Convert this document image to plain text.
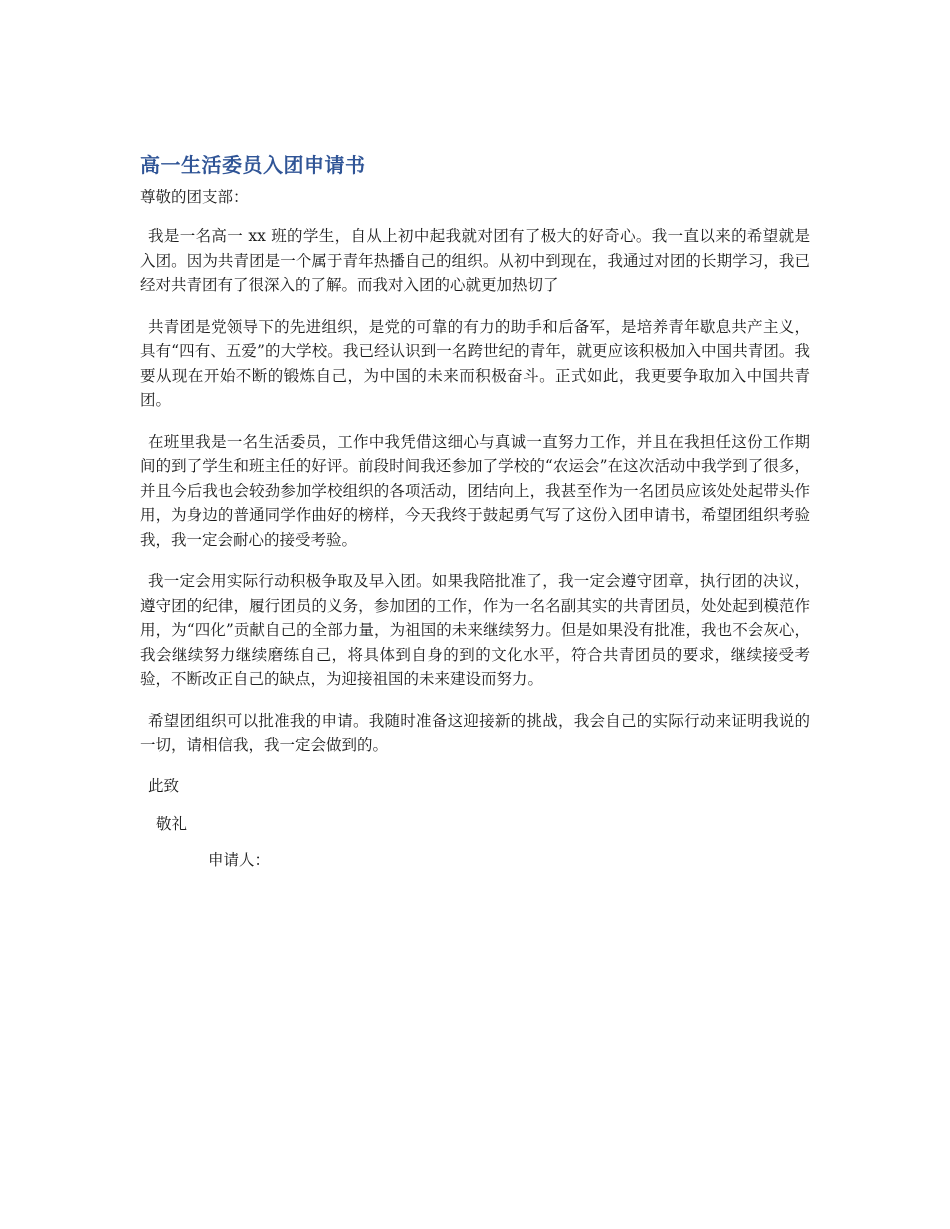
高一生活委员入团申请书

尊敬的团支部：

我是一名高一 xx 班的学生，自从上初中起我就对团有了极大的好奇心。我一直以来的希望就是入团。因为共青团是一个属于青年热播自己的组织。从初中到现在，我通过对团的长期学习，我已经对共青团有了很深入的了解。而我对入团的心就更加热切了

共青团是党领导下的先进组织，是党的可靠的有力的助手和后备军，是培养青年歇息共产主义，具有“四有、五爱”的大学校。我已经认识到一名跨世纪的青年，就更应该积极加入中国共青团。我要从现在开始不断的锻炼自己，为中国的未来而积极奋斗。正式如此，我更要争取加入中国共青团。

在班里我是一名生活委员，工作中我凭借这细心与真诚一直努力工作，并且在我担任这份工作期间的到了学生和班主任的好评。前段时间我还参加了学校的“农运会”在这次活动中我学到了很多，并且今后我也会较劲参加学校组织的各项活动，团结向上，我甚至作为一名团员应该处处起带头作用，为身边的普通同学作曲好的榜样，今天我终于鼓起勇气写了这份入团申请书，希望团组织考验我，我一定会耐心的接受考验。

我一定会用实际行动积极争取及早入团。如果我陪批准了，我一定会遵守团章，执行团的决议，遵守团的纪律，履行团员的义务，参加团的工作，作为一名名副其实的共青团员，处处起到模范作用，为“四化”贡献自己的全部力量，为祖国的未来继续努力。但是如果没有批准，我也不会灰心，我会继续努力继续磨练自己，将具体到自身的到的文化水平，符合共青团员的要求，继续接受考验，不断改正自己的缺点，为迎接祖国的未来建设而努力。

希望团组织可以批准我的申请。我随时准备这迎接新的挑战，我会自己的实际行动来证明我说的一切，请相信我，我一定会做到的。

此致

敬礼

申请人：
